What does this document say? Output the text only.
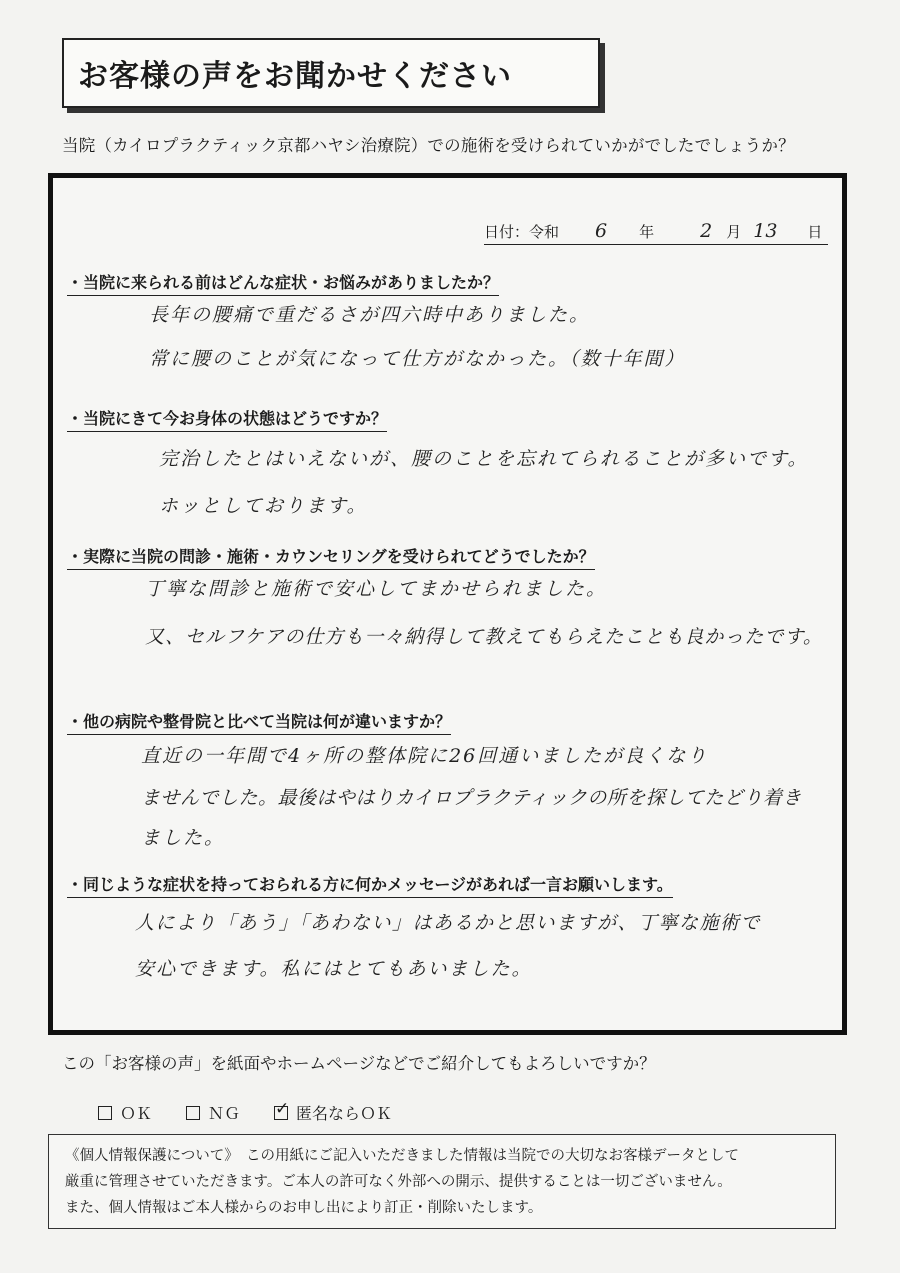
お客様の声をお聞かせください
当院（カイロプラクティック京都ハヤシ治療院）での施術を受けられていかがでしたでしょうか？
日付：令和 6 年 2 月 13 日
・当院に来られる前はどんな症状・お悩みがありましたか？
長年の腰痛で重だるさが四六時中ありました。
常に腰のことが気になって仕方がなかった。（数十年間）
・当院にきて今お身体の状態はどうですか？
完治したとはいえないが、腰のことを忘れてられることが多いです。
ホッとしております。
・実際に当院の問診・施術・カウンセリングを受けられてどうでしたか？
丁寧な問診と施術で安心してまかせられました。
又、セルフケアの仕方も一々納得して教えてもらえたことも良かったです。
・他の病院や整骨院と比べて当院は何が違いますか？
直近の一年間で4ヶ所の整体院に26回通いましたが良くなり
ませんでした。最後はやはりカイロプラクティックの所を探してたどり着き
ました。
・同じような症状を持っておられる方に何かメッセージがあれば一言お願いします。
人により「あう」「あわない」はあるかと思いますが、丁寧な施術で
安心できます。私にはとてもあいました。
この「お客様の声」を紙面やホームページなどでご紹介してもよろしいですか？
ＯＫ	ＮＧ ✓ 匿名ならＯＫ
《個人情報保護について》　この用紙にご記入いただきました情報は当院での大切なお客様データとして
厳重に管理させていただきます。ご本人の許可なく外部への開示、提供することは一切ございません。
また、個人情報はご本人様からのお申し出により訂正・削除いたします。
